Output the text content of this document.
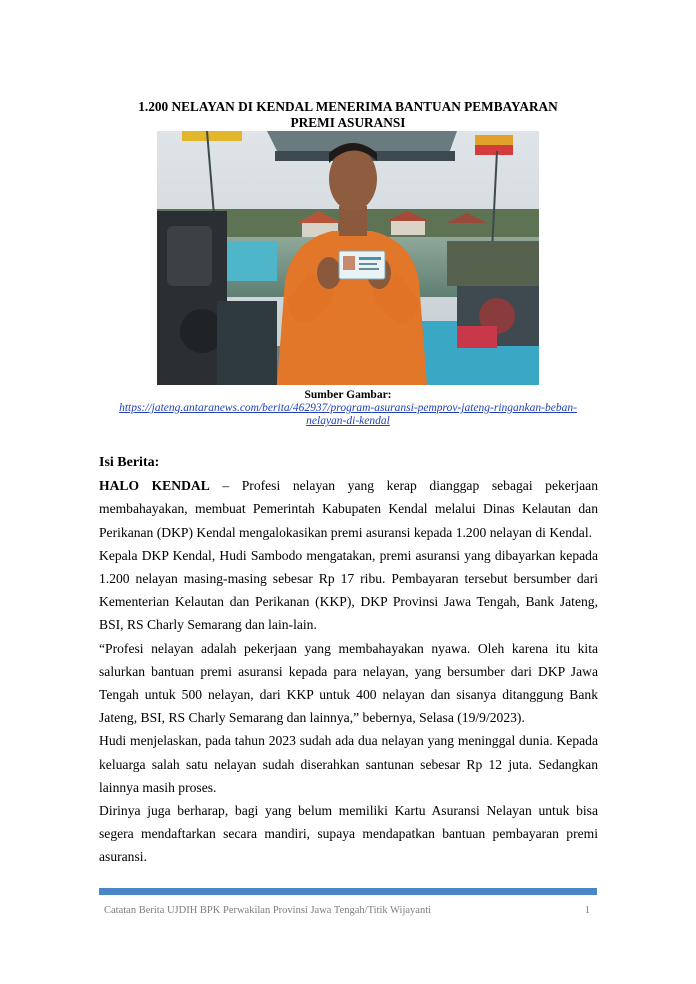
1.200 NELAYAN DI KENDAL MENERIMA BANTUAN PEMBAYARAN
PREMI ASURANSI
Sumber Gambar:
https://jateng.antaranews.com/berita/462937/program-asuransi-pemprov-jateng-ringankan-beban-
nelayan-di-kendal
Isi Berita:

HALO KENDAL – Profesi nelayan yang kerap dianggap sebagai pekerjaan membahayakan, membuat Pemerintah Kabupaten Kendal melalui Dinas Kelautan dan Perikanan (DKP) Kendal mengalokasikan premi asuransi kepada 1.200 nelayan di Kendal.

Kepala DKP Kendal, Hudi Sambodo mengatakan, premi asuransi yang dibayarkan kepada 1.200 nelayan masing-masing sebesar Rp 17 ribu. Pembayaran tersebut bersumber dari Kementerian Kelautan dan Perikanan (KKP), DKP Provinsi Jawa Tengah, Bank Jateng, BSI, RS Charly Semarang dan lain-lain.

“Profesi nelayan adalah pekerjaan yang membahayakan nyawa. Oleh karena itu kita salurkan bantuan premi asuransi kepada para nelayan, yang bersumber dari DKP Jawa Tengah untuk 500 nelayan, dari KKP untuk 400 nelayan dan sisanya ditanggung Bank Jateng, BSI, RS Charly Semarang dan lainnya,” bebernya, Selasa (19/9/2023).

Hudi menjelaskan, pada tahun 2023 sudah ada dua nelayan yang meninggal dunia. Kepada keluarga salah satu nelayan sudah diserahkan santunan sebesar Rp 12 juta. Sedangkan lainnya masih proses.

Dirinya juga berharap, bagi yang belum memiliki Kartu Asuransi Nelayan untuk bisa segera mendaftarkan secara mandiri, supaya mendapatkan bantuan pembayaran premi asuransi.

Catatan Berita UJDIH BPK Perwakilan Provinsi Jawa Tengah/Titik Wijayanti	1
